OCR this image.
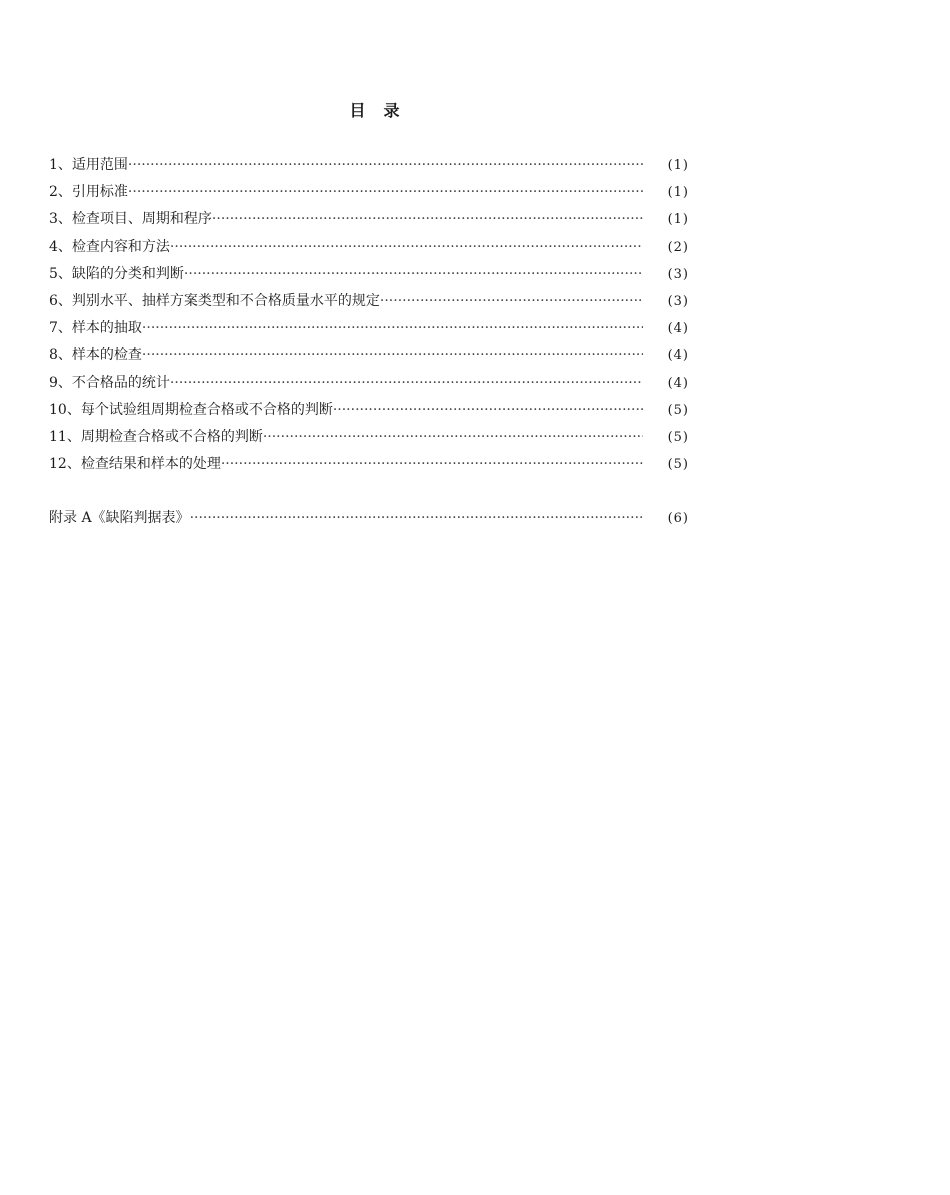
目　录
1、适用范围 ·····	(1)
2、引用标准 ·····	(1)
3、检查项目、周期和程序 ·····	(1)
4、检查内容和方法 ·····	(2)
5、缺陷的分类和判断 ·····	(3)
6、判别水平、抽样方案类型和不合格质量水平的规定 ·····	(3)
7、样本的抽取 ·····	(4)
8、样本的检查 ·····	(4)
9、不合格品的统计 ·····	(4)
10、每个试验组周期检查合格或不合格的判断 ·····	(5)
11、周期检查合格或不合格的判断 ·····	(5)
12、检查结果和样本的处理 ·····	(5)
附录 A《缺陷判据表》 ·····	(6)
